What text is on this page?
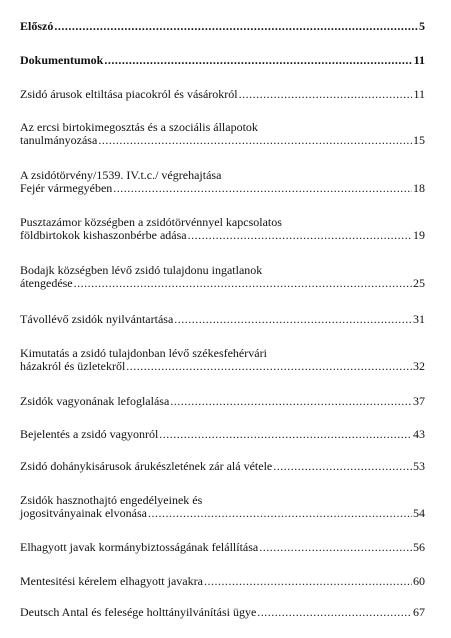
Előszó .....	5
Dokumentumok .....	11
Zsidó árusok eltiltása piacokról és vásárokról .....	11
Az ercsi birtokimegosztás és a szociális állapotok
tanulmányozása .....	15
A zsidótörvény/1539. IV.t.c./ végrehajtása
Fejér vármegyében .....	18
Pusztazámor községben a zsidótörvénnyel kapcsolatos
földbirtokok kishaszonbérbe adása .....	19
Bodajk községben lévő zsidó tulajdonu ingatlanok
átengedése .....	25
Távollévő zsidók nyilvántartása .....	31
Kimutatás a zsidó tulajdonban lévő székesfehérvári
házakról és üzletekről .....	32
Zsidók vagyonának lefoglalása .....	37
Bejelentés a zsidó vagyonról .....	43
Zsidó dohánykisárusok árukészletének zár alá vétele .....	53
Zsidók hasznothajtó engedélyeinek és
jogositványainak elvonása .....	54
Elhagyott javak kormánybiztosságának felállítása .....	56
Mentesitési kérelem elhagyott javakra .....	60
Deutsch Antal és felesége holttányilvánítási ügye .....	67
